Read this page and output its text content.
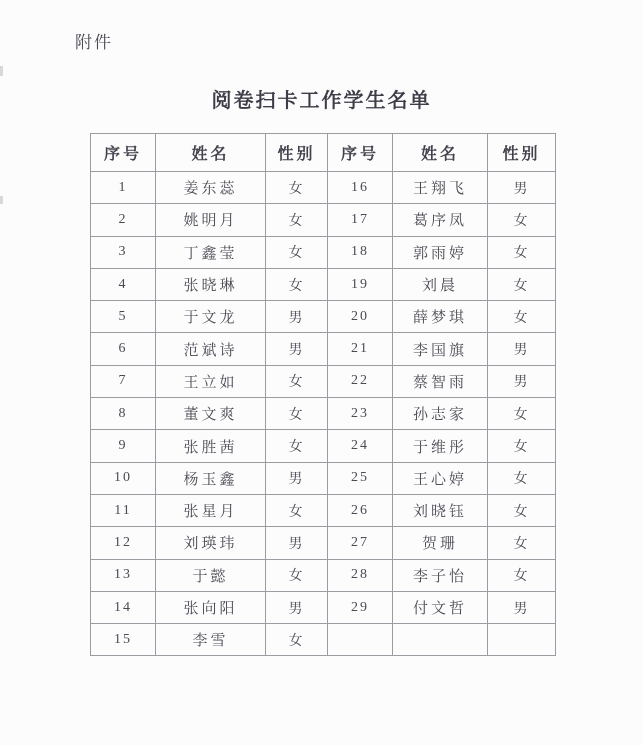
附件
阅卷扫卡工作学生名单
序号	姓名	性别	序号	姓名	性别
1	姜东蕊	女	16	王翔飞	男
2	姚明月	女	17	葛序凤	女
3	丁鑫莹	女	18	郭雨婷	女
4	张晓琳	女	19	刘晨	女
5	于文龙	男	20	薛梦琪	女
6	范斌诗	男	21	李国旗	男
7	王立如	女	22	蔡智雨	男
8	董文爽	女	23	孙志家	女
9	张胜茜	女	24	于维彤	女
10	杨玉鑫	男	25	王心婷	女
11	张星月	女	26	刘晓钰	女
12	刘瑛玮	男	27	贺珊	女
13	于懿	女	28	李子怡	女
14	张向阳	男	29	付文哲	男
15	李雪	女			
